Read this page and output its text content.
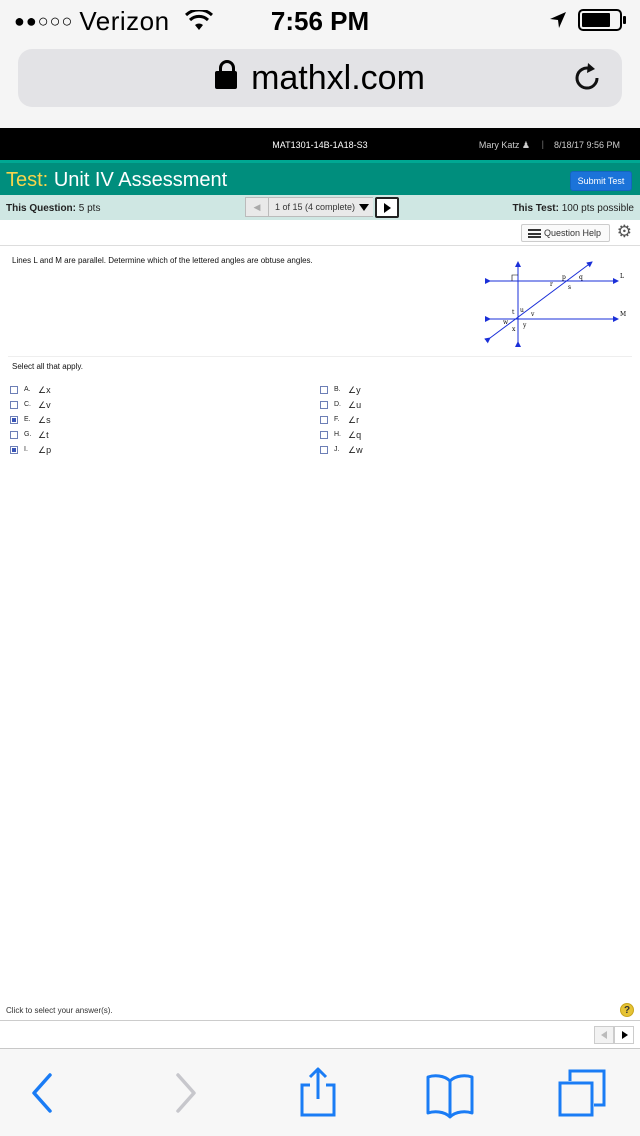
●●○○○ Verizon	7:56 PM
mathxl.com
MAT1301-14B-1A18-S3	Mary Katz ♟ | 8/18/17 9:56 PM
Test: Unit IV Assessment	Submit Test
This Question: 5 pts	◀	1 of 15 (4 complete)	This Test: 100 pts possible
Question Help ⚙
Lines L and M are parallel. Determine which of the lettered angles are obtuse angles.
L
M
p q
r	s
t u
v
w
x
y
Select all that apply.
A. ∠x	B. ∠y
C. ∠v	D. ∠u
E. ∠s	F. ∠r
G. ∠t	H. ∠q
I. ∠p	J. ∠w
Click to select your answer(s).	?
